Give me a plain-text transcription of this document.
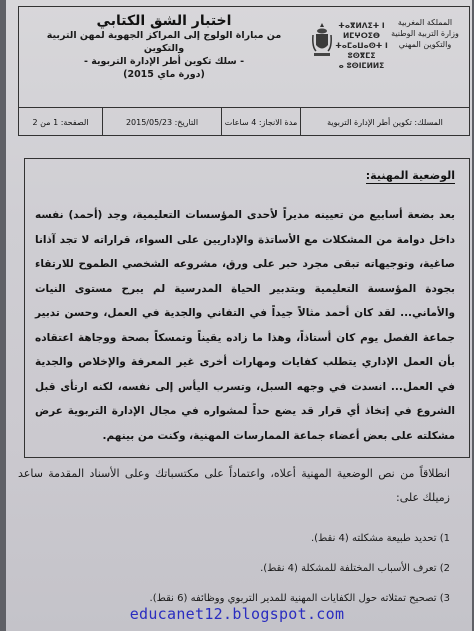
اختبار الشق الكتابي
من مباراة الولوج إلى المراكز الجهوية لمهن التربية والتكوين
- سلك تكوين أطر الإدارة التربوية -
(دورة ماي 2015)
المملكة المغربية
وزارة التربية الوطنية
والتكوين المهني
ⵜⴰⴳⵍⴷⵉⵜ ⵏ ⵍⵎⵖⵔⵉⴱ
ⵜⴰⵎⴰⵡⴰⵙⵜ ⵏ ⵓⵙⴳⵎⵉ
ⴰ ⵓⵙⵏⵎⵍⵍⵉ
المسلك: تكوين أطر الإدارة التربوية
مدة الانجاز: 4 ساعات
التاريخ: 2015/05/23
الصفحة: 1 من 2
الوضعية المهنية:
بعد بضعة أسابيع من تعيينه مديراً لأحدى المؤسسات التعليمية، وجد (أحمد) نفسه داخل دوامة من المشكلات مع الأساتذة والإداريين على السواء، قراراته لا تجد آذانا صاغية، وتوجيهاته تبقى مجرد حبر على ورق، مشروعه الشخصي الطموح للارتقاء بجودة المؤسسة التعليمية وبتدبير الحياة المدرسية لم يبرح مستوى النيات والأماني... لقد كان أحمد مثالاً جيداً في التفاني والجدية في العمل، وحسن تدبير جماعة الفصل يوم كان أستاذاً، وهذا ما زاده يقيناً وتمسكاً بصحة ووجاهة اعتقاده بأن العمل الإداري يتطلب كفايات ومهارات أخرى غير المعرفة والإخلاص والجدية في العمل... انسدت في وجهه السبل، وتسرب اليأس إلى نفسه، لكنه ارتأى قبل الشروع في إتخاذ أي قرار قد يضع حداً لمشواره في مجال الإدارة التربوية عرض مشكلته على بعض أعضاء جماعة الممارسات المهنية، وكنت من بينهم.
انطلاقاً من نص الوضعية المهنية أعلاه، واعتماداً على مكتسباتك وعلى الأسناد المقدمة ساعد زميلك على:
1) تحديد طبيعة مشكلته (4 نقط).
2) تعرف الأسباب المختلفة للمشكلة (4 نقط).
3) تصحيح تمثلاته حول الكفايات المهنية للمدير التربوي ووظائفه (6 نقط).
educanet12.blogspot.com
